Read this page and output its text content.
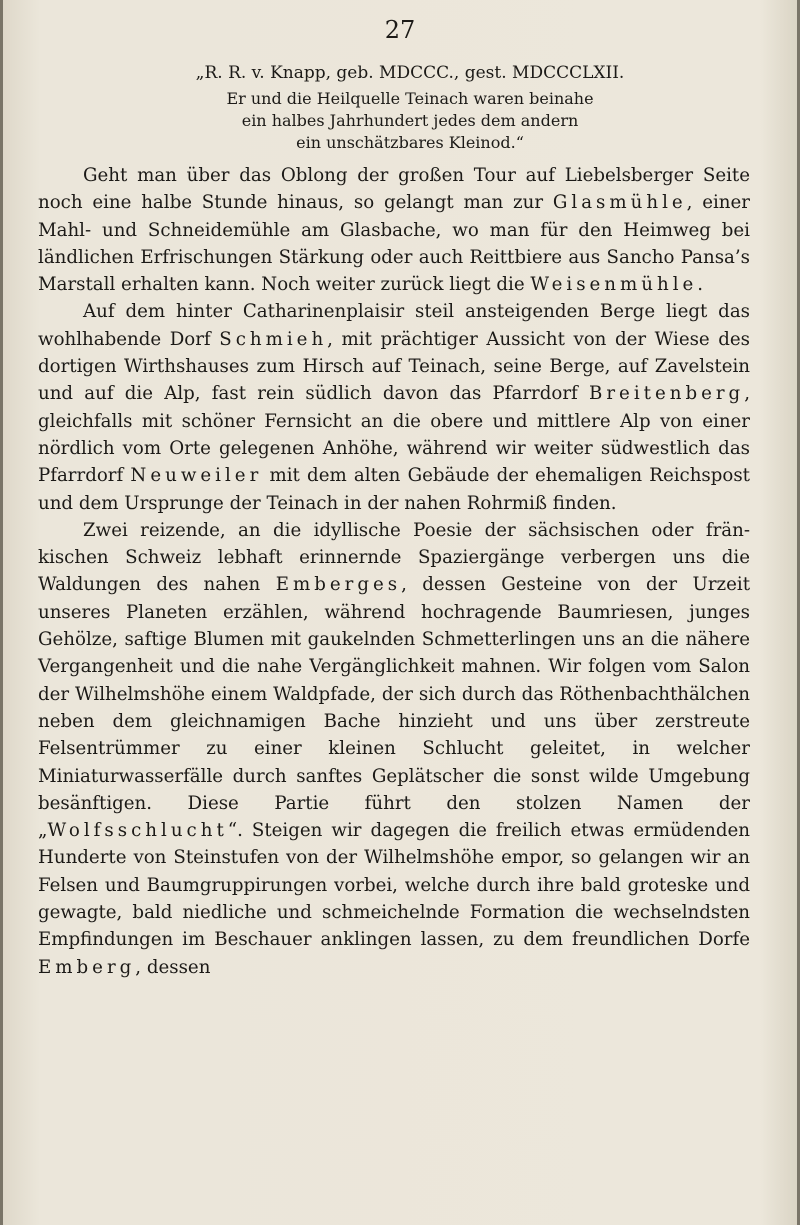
27
„R. R. v. Knapp, geb. MDCCC., gest. MDCCCLXII.
Er und die Heilquelle Teinach waren beinahe
ein halbes Jahrhundert jedes dem andern
ein unschätzbares Kleinod.“

Geht man über das Oblong der großen Tour auf Liebelsberger Seite noch eine halbe Stunde hinaus, so gelangt man zur Glasmühle, einer Mahl- und Schneidemühle am Glasbache, wo man für den Heimweg bei ländlichen Erfrischungen Stärkung oder auch Reittbiere aus Sancho Pansa’s Marstall erhalten kann. Noch weiter zurück liegt die Weisenmühle.

Auf dem hinter Catharinenplaisir steil ansteigenden Berge liegt das wohlhabende Dorf Schmieh, mit prächtiger Aussicht von der Wiese des dortigen Wirthshauses zum Hirsch auf Teinach, seine Berge, auf Zavelstein und auf die Alp, fast rein südlich davon das Pfarrdorf Breitenberg, gleichfalls mit schöner Fernsicht an die obere und mittlere Alp von einer nördlich vom Orte gelegenen Anhöhe, während wir weiter südwestlich das Pfarrdorf Neuweiler mit dem alten Gebäude der ehemaligen Reichspost und dem Ursprunge der Teinach in der nahen Rohrmiß finden.

Zwei reizende, an die idyllische Poesie der sächsischen oder fränkischen Schweiz lebhaft erinnernde Spaziergänge verbergen uns die Waldungen des nahen Emberges, dessen Gesteine von der Urzeit unseres Planeten erzählen, während hochragende Baumriesen, junges Gehölze, saftige Blumen mit gaukelnden Schmetterlingen uns an die nähere Vergangenheit und die nahe Vergänglichkeit mahnen. Wir folgen vom Salon der Wilhelmshöhe einem Waldpfade, der sich durch das Röthenbachthälchen neben dem gleichnamigen Bache hinzieht und uns über zerstreute Felsentrümmer zu einer kleinen Schlucht geleitet, in welcher Miniaturwasserfälle durch sanftes Geplätscher die sonst wilde Umgebung besänftigen. Diese Partie führt den stolzen Namen der „Wolfsschlucht“. Steigen wir dagegen die freilich etwas ermüdenden Hunderte von Steinstufen von der Wilhelmshöhe empor, so gelangen wir an Felsen und Baumgruppirungen vorbei, welche durch ihre bald groteske und gewagte, bald niedliche und schmeichelnde Formation die wechselndsten Empfindungen im Beschauer anklingen lassen, zu dem freundlichen Dorfe Emberg, dessen
